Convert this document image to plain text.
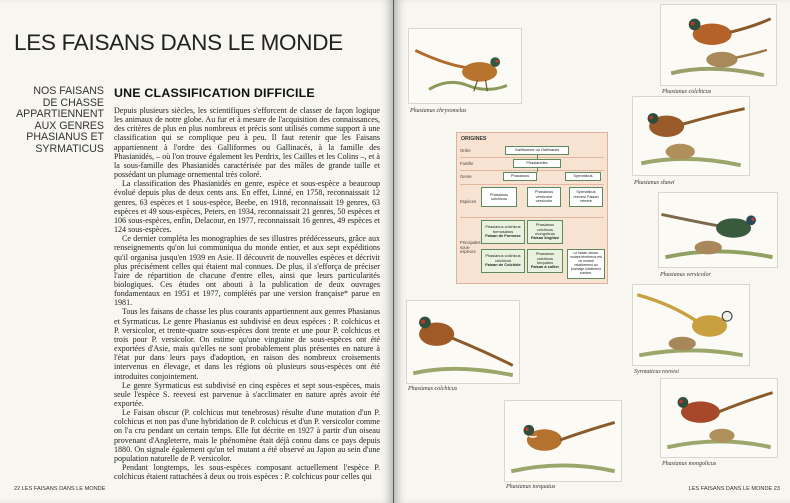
LES FAISANS DANS LE MONDE
NOS FAISANS
DE CHASSE
APPARTIENNENT
AUX GENRES
PHASIANUS ET
SYRMATICUS
UNE CLASSIFICATION DIFFICILE

Depuis plusieurs siècles, les scientifiques s'efforcent de classer de façon logique les animaux de notre globe. Au fur et à mesure de l'acquisition des connaissances, des critères de plus en plus nombreux et précis sont utilisés comme support à une classification qui se complique peu à peu. Il faut retenir que les Faisans appartiennent à l'ordre des Galliformes ou Gallinacés, à la famille des Phasianidés, – où l'on trouve également les Perdrix, les Cailles et les Colins –, et à la sous-famille des Phasianidés caractérisée par des mâles de grande taille et possédant un plumage ornemental très coloré.

La classification des Phasianidés en genre, espèce et sous-espèce a beaucoup évolué depuis plus de deux cents ans. En effet, Linné, en 1758, reconnaissait 12 genres, 63 espèces et 1 sous-espèce, Beebe, en 1918, reconnaissait 19 genres, 63 espèces et 49 sous-espèces, Peters, en 1934, reconnaissait 21 genres, 50 espèces et 106 sous-espèces, enfin, Delacour, en 1977, reconnaissait 16 genres, 49 espèces et 124 sous-espèces.

Ce dernier compléta les monographies de ses illustres prédécesseurs, grâce aux renseignements qu'on lui communiqua du monde entier, et aux sept expéditions qu'il organisa jusqu'en 1939 en Asie. Il découvrit de nouvelles espèces et décrivit plus précisément celles qui étaient mal connues. De plus, il s'efforça de préciser l'aire de répartition de chacune d'entre elles, ainsi que leurs particularités biologiques. Ces études ont abouti à la publication de deux ouvrages fondamentaux en 1951 et 1977, complétés par une version française* parue en 1981.

Tous les faisans de chasse les plus courants appartiennent aux genres Phasianus et Syrmaticus. Le genre Phasianus est subdivisé en deux espèces : P. colchicus et P. versicolor, et trente-quatre sous-espèces dont trente et une pour P. colchicus et trois pour P. versicolor. On estime qu'une vingtaine de sous-espèces ont été exportées d'Asie, mais qu'elles ne sont probablement plus présentes en nature à l'état pur dans leurs pays d'adoption, en raison des nombreux croisements intervenus en élevage, et dans les régions où plusieurs sous-espèces ont été introduites conjointement.

Le genre Syrmaticus est subdivisé en cinq espèces et sept sous-espèces, mais seule l'espèce S. reevesi est parvenue à s'acclimater en nature après avoir été exportée.

Le Faisan obscur (P. colchicus mut tenebrosus) résulte d'une mutation d'un P. colchicus et non pas d'une hybridation de P. colchicus et d'un P. versicolor comme on l'a cru pendant un certain temps. Elle fut décrite en 1927 à partir d'un oiseau provenant d'Angleterre, mais le phénomène était déjà connu dans ce pays depuis 1880. On signale également qu'un tel mutant a été observé au Japon au sein d'une population naturelle de P. versicolor.

Pendant longtemps, les sous-espèces composant actuellement l'espèce P. colchicus étaient rattachées à deux ou trois espèces : P. colchicus pour celles qui

22 LES FAISANS DANS LE MONDE
Phasianus chrysomelas
Phasianus colchicus
Phasianus shawi
Phasianus versicolor
Phasianus colchicus
Syrmaticus reevesi
Phasianus torquatus
Phasianus mongolicus
ORIGINES
Ordre
Famille
Genre
Espèces
Principales sous-espèces
Galliformes ou Gallinacés
Phasianidés
Phasianus	Syrmaticus
Phasianus colchicus
Phasianus versicolor versicolor
Syrmaticus reevesi Faisan vénéré
Phasianus colchicus formosanus
Faisan de Formose
Phasianus colchicus mongolicus
Faisan kirghize
Phasianus colchicus colchicus
Faisan de Colchide
Phasianus colchicus torquatus
Faisan à collier
Le faisan obscur mutant ténébreux est un mutant relativement au plumage totalement sombre.
LES FAISANS DANS LE MONDE 23
